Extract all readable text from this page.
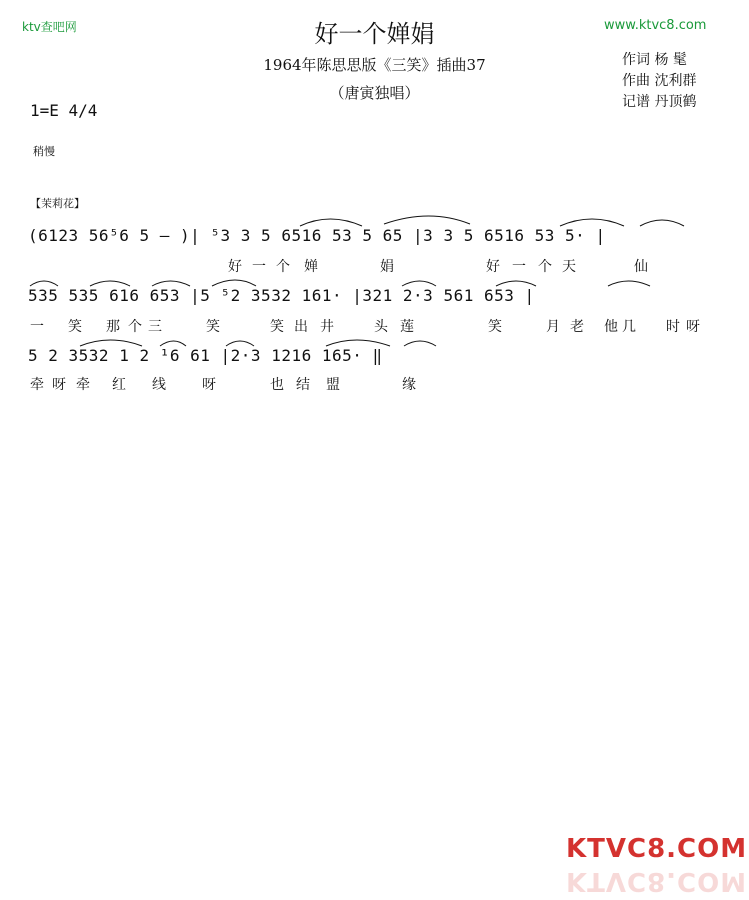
ktv查吧网	www.ktvc8.com
好一个婵娟
1964年陈思思版《三笑》插曲37
（唐寅独唱）
作词 杨 髦
作曲 沈利群
记谱 丹顶鹤
1=E 4/4
稍慢
【茉莉花】
(6123 56⁵6 5 — )| ⁵3 3 5 6516 53 5 65 |3 3 5 6516 53 5· |
好 一 个 婵	娟	好 一 个 天	仙
535 535 616 653 |5 ⁵2 3532 161· |321 2·3 561 653 |
一 笑 那 个 三	笑	笑 出 井	头 莲	笑	月 老 他 几 时 呀
5 2 3532 1 2 ¹6 61 |2·3 1216 165· ‖
牵 呀 牵 红 线	呀	也 结 盟	缘
KTVC8.COM
KTVC8.COM
